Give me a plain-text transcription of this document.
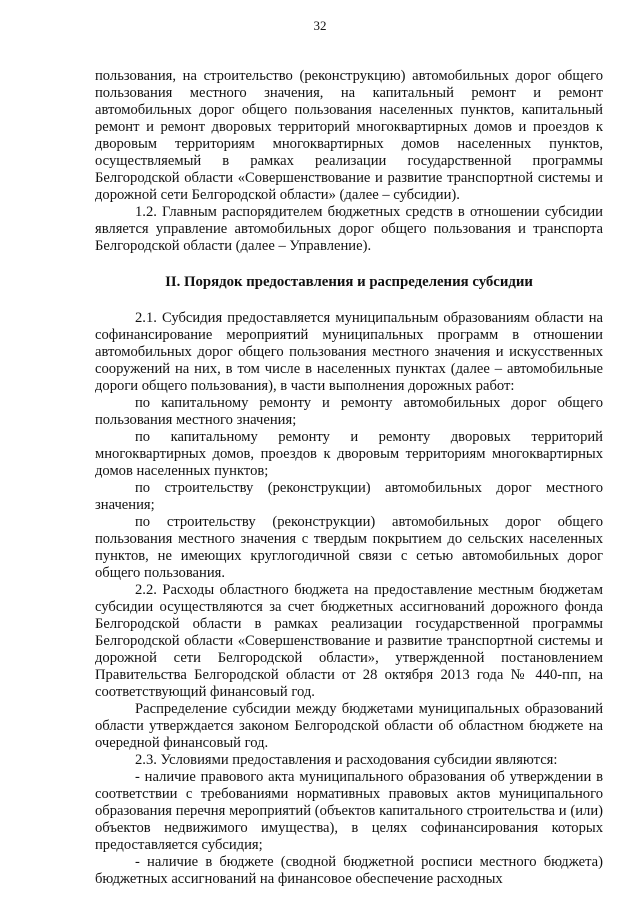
32

пользования, на строительство (реконструкцию) автомобильных дорог общего пользования местного значения, на капитальный ремонт и ремонт автомобильных дорог общего пользования населенных пунктов, капитальный ремонт и ремонт дворовых территорий многоквартирных домов и проездов к дворовым территориям многоквартирных домов населенных пунктов, осуществляемый в рамках реализации государственной программы Белгородской области «Совершенствование и развитие транспортной системы и дорожной сети Белгородской области» (далее – субсидии).

1.2. Главным распорядителем бюджетных средств в отношении субсидии является управление автомобильных дорог общего пользования и транспорта Белгородской области (далее – Управление).

II. Порядок предоставления и распределения субсидии

2.1. Субсидия предоставляется муниципальным образованиям области на софинансирование мероприятий муниципальных программ в отношении автомобильных дорог общего пользования местного значения и искусственных сооружений на них, в том числе в населенных пунктах (далее – автомобильные дороги общего пользования), в части выполнения дорожных работ:

по капитальному ремонту и ремонту автомобильных дорог общего пользования местного значения;

по капитальному ремонту и ремонту дворовых территорий многоквартирных домов, проездов к дворовым территориям многоквартирных домов населенных пунктов;

по строительству (реконструкции) автомобильных дорог местного значения;

по строительству (реконструкции) автомобильных дорог общего пользования местного значения с твердым покрытием до сельских населенных пунктов, не имеющих круглогодичной связи с сетью автомобильных дорог общего пользования.

2.2. Расходы областного бюджета на предоставление местным бюджетам субсидии осуществляются за счет бюджетных ассигнований дорожного фонда Белгородской области в рамках реализации государственной программы Белгородской области «Совершенствование и развитие транспортной системы и дорожной сети Белгородской области», утвержденной постановлением Правительства Белгородской области от 28 октября 2013 года № 440-пп, на соответствующий финансовый год.

Распределение субсидии между бюджетами муниципальных образований области утверждается законом Белгородской области об областном бюджете на очередной финансовый год.

2.3. Условиями предоставления и расходования субсидии являются:

- наличие правового акта муниципального образования об утверждении в соответствии с требованиями нормативных правовых актов муниципального образования перечня мероприятий (объектов капитального строительства и (или) объектов недвижимого имущества), в целях софинансирования которых предоставляется субсидия;

- наличие в бюджете (сводной бюджетной росписи местного бюджета) бюджетных ассигнований на финансовое обеспечение расходных
